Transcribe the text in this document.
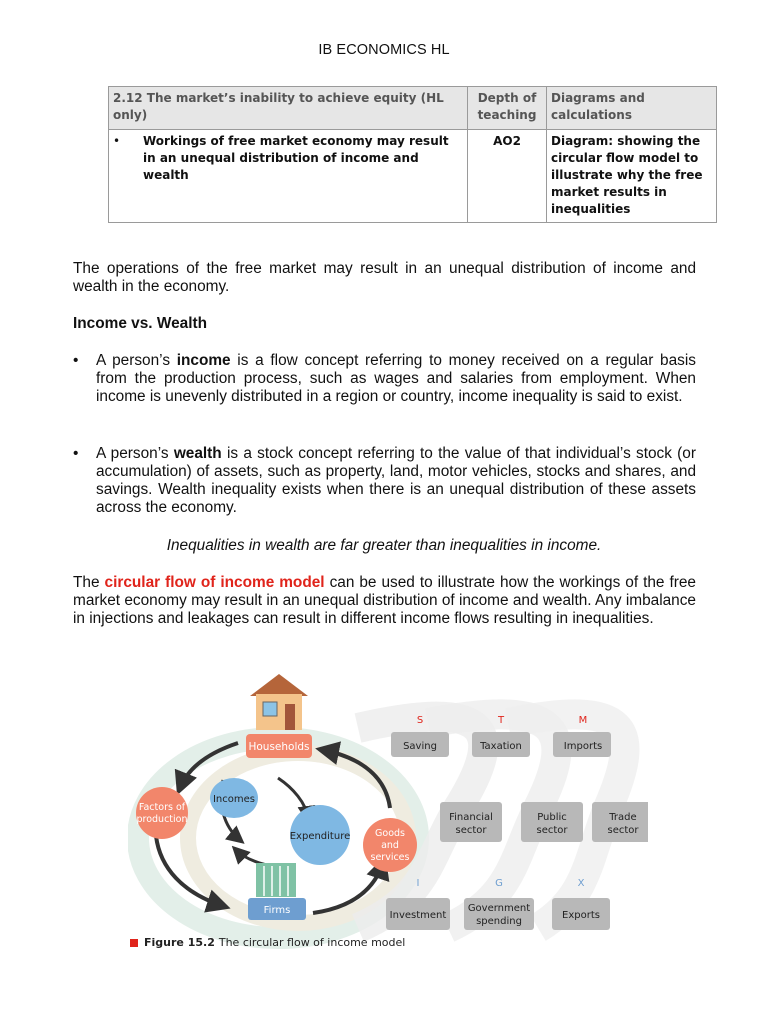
IB ECONOMICS HL
2.12 The market’s inability to achieve equity (HL only)	Depth of teaching	Diagrams and calculations

• Workings of free market economy may result in an unequal distribution of income and wealth	AO2	Diagram: showing the circular flow model to illustrate why the free market results in inequalities
The operations of the free market may result in an unequal distribution of income and wealth in the economy.
Income vs. Wealth
•	A person’s income is a flow concept referring to money received on a regular basis from the production process, such as wages and salaries from employment. When income is unevenly distributed in a region or country, income inequality is said to exist.
•	A person’s wealth is a stock concept referring to the value of that individual’s stock (or accumulation) of assets, such as property, land, motor vehicles, stocks and shares, and savings. Wealth inequality exists when there is an unequal distribution of these assets across the economy.
Inequalities in wealth are far greater than inequalities in income.
The circular flow of income model can be used to illustrate how the workings of the free market economy may result in an unequal distribution of income and wealth. Any imbalance in injections and leakages can result in different income flows resulting in inequalities.
Households
Factors of
production
Goods
and
services
Incomes
Expenditure
Firms
S	T	M
Saving	Taxation	Imports
Financial
sector
Public
sector
Trade
sector
I	G	X
Investment
Government
spending
Exports
Figure 15.2 The circular flow of income model
